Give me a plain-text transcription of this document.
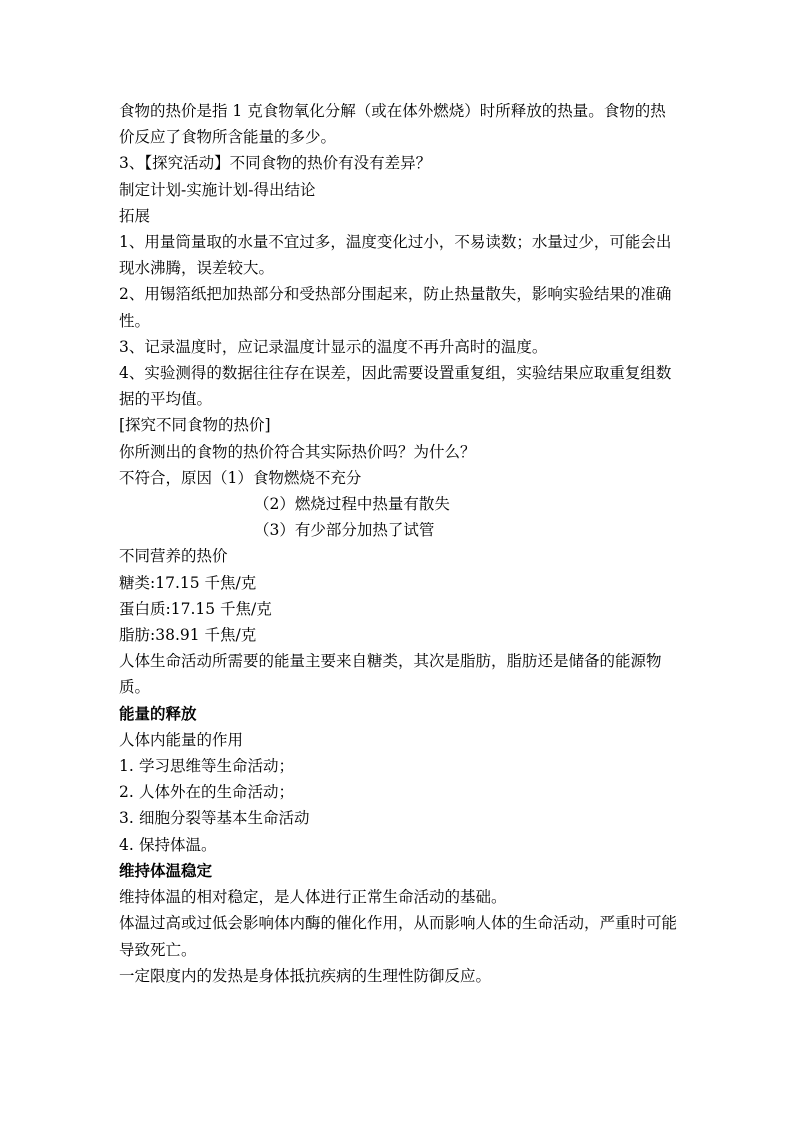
食物的热价是指 1 克食物氧化分解（或在体外燃烧）时所释放的热量。食物的热价反应了食物所含能量的多少。

3、【探究活动】不同食物的热价有没有差异？

制定计划-实施计划-得出结论

拓展

1、用量筒量取的水量不宜过多，温度变化过小，不易读数；水量过少，可能会出现水沸腾，误差较大。

2、用锡箔纸把加热部分和受热部分围起来，防止热量散失，影响实验结果的准确性。

3、记录温度时，应记录温度计显示的温度不再升高时的温度。

4、实验测得的数据往往存在误差，因此需要设置重复组，实验结果应取重复组数据的平均值。

[探究不同食物的热价]

你所测出的食物的热价符合其实际热价吗？为什么？

不符合，原因（1）食物燃烧不充分

（2）燃烧过程中热量有散失

（3）有少部分加热了试管

不同营养的热价

糖类:17.15 千焦/克

蛋白质:17.15 千焦/克

脂肪:38.91 千焦/克

人体生命活动所需要的能量主要来自糖类，其次是脂肪，脂肪还是储备的能源物质。

能量的释放

人体内能量的作用

1. 学习思维等生命活动；

2. 人体外在的生命活动；

3. 细胞分裂等基本生命活动

4. 保持体温。

维持体温稳定

维持体温的相对稳定，是人体进行正常生命活动的基础。

体温过高或过低会影响体内酶的催化作用，从而影响人体的生命活动，严重时可能导致死亡。

一定限度内的发热是身体抵抗疾病的生理性防御反应。
